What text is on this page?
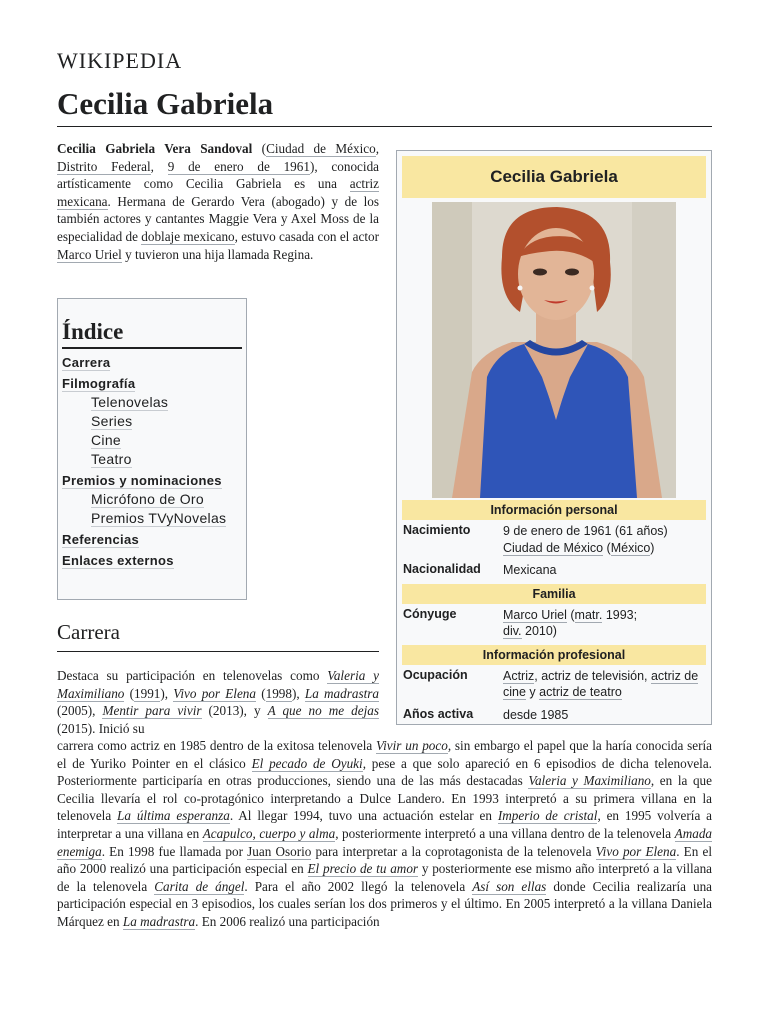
WIKIPEDIA
Cecilia Gabriela

Cecilia Gabriela Vera Sandoval (Ciudad de México, Distrito Federal, 9 de enero de 1961), conocida artísticamente como Cecilia Gabriela es una actriz mexicana. Hermana de Gerardo Vera (abogado) y de los también actores y cantantes Maggie Vera y Axel Moss de la especialidad de doblaje mexicano, estuvo casada con el actor Marco Uriel y tuvieron una hija llamada Regina.

Índice
Carrera
Filmografía
Telenovelas
Series
Cine
Teatro
Premios y nominaciones
Micrófono de Oro
Premios TVyNovelas
Referencias
Enlaces externos
Carrera

Destaca su participación en telenovelas como Valeria y Maximiliano (1991), Vivo por Elena (1998), La madrastra (2005), Mentir para vivir (2013), y A que no me dejas (2015). Inició su

carrera como actriz en 1985 dentro de la exitosa telenovela Vivir un poco, sin embargo el papel que la haría conocida sería el de Yuriko Pointer en el clásico El pecado de Oyuki, pese a que solo apareció en 6 episodios de dicha telenovela. Posteriormente participaría en otras producciones, siendo una de las más destacadas Valeria y Maximiliano, en la que Cecilia llevaría el rol co-protagónico interpretando a Dulce Landero. En 1993 interpretó a su primera villana en la telenovela La última esperanza. Al llegar 1994, tuvo una actuación estelar en Imperio de cristal, en 1995 volvería a interpretar a una villana en Acapulco, cuerpo y alma, posteriormente interpretó a una villana dentro de la telenovela Amada enemiga. En 1998 fue llamada por Juan Osorio para interpretar a la coprotagonista de la telenovela Vivo por Elena. En el año 2000 realizó una participación especial en El precio de tu amor y posteriormente ese mismo año interpretó a la villana de la telenovela Carita de ángel. Para el año 2002 llegó la telenovela Así son ellas donde Cecilia realizaría una participación especial en 3 episodios, los cuales serían los dos primeros y el último. En 2005 interpretó a la villana Daniela Márquez en La madrastra. En 2006 realizó una participación

Cecilia Gabriela
Información personal
Nacimiento	9 de enero de 1961 (61 años)
Ciudad de México (México)
Nacionalidad	Mexicana
Familia
Cónyuge	Marco Uriel (matr. 1993;
div. 2010)
Información profesional
Ocupación	Actriz, actriz de televisión, actriz de cine y actriz de teatro
Años activa	desde 1985
